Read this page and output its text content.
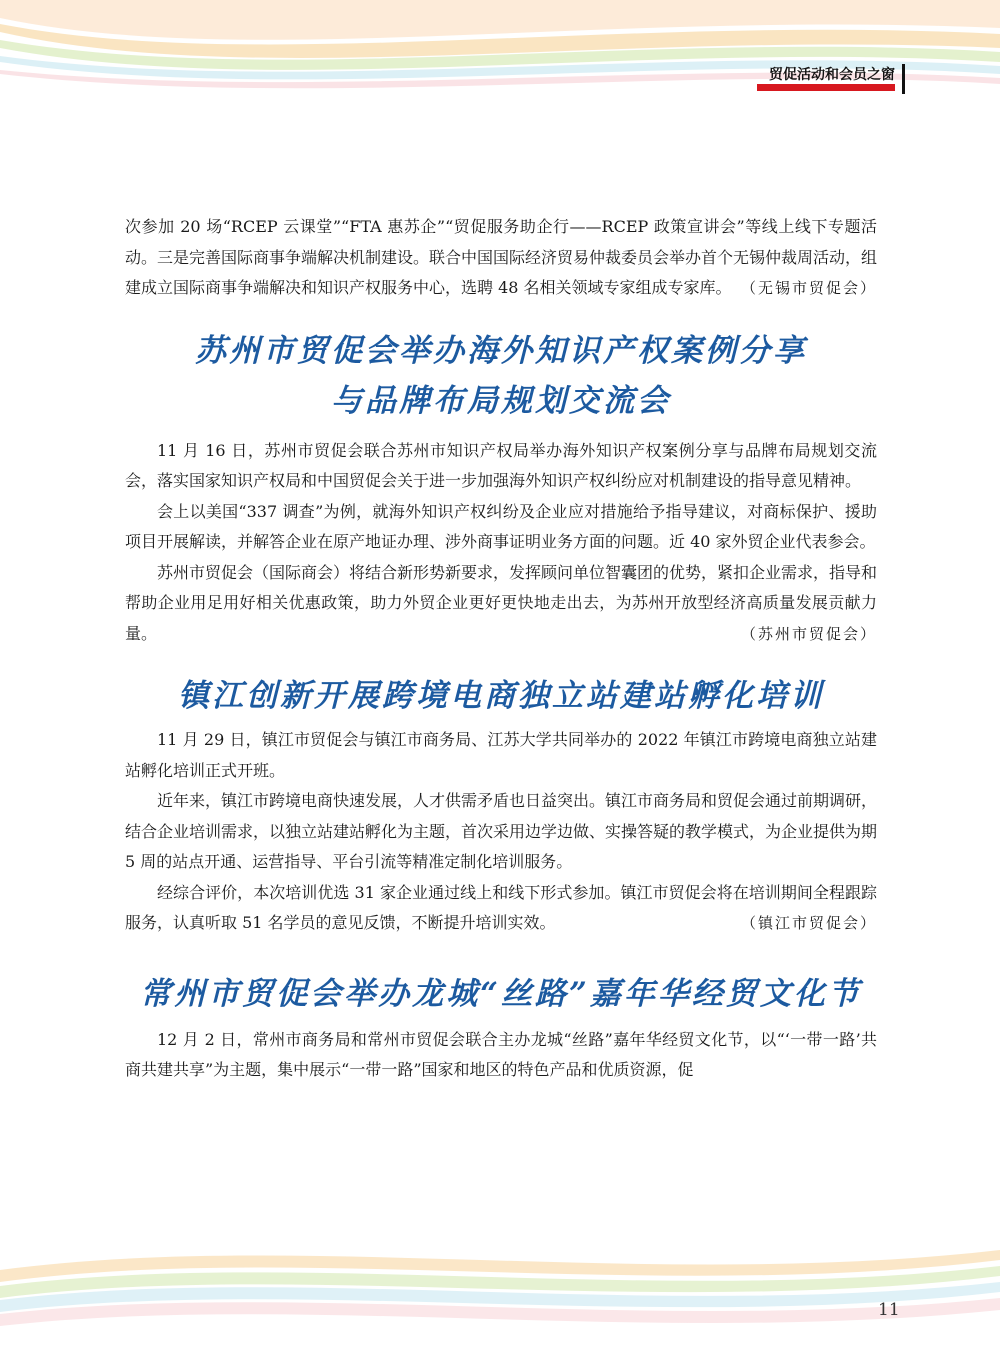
贸促活动和会员之窗

次参加 20 场“RCEP 云课堂”“FTA 惠苏企”“贸促服务助企行——RCEP 政策宣讲会”等线上线下专题活动。三是完善国际商事争端解决机制建设。联合中国国际经济贸易仲裁委员会举办首个无锡仲裁周活动，组建成立国际商事争端解决和知识产权服务中心，选聘 48 名相关领域专家组成专家库。 （无锡市贸促会）

苏州市贸促会举办海外知识产权案例分享
与品牌布局规划交流会

11 月 16 日，苏州市贸促会联合苏州市知识产权局举办海外知识产权案例分享与品牌布局规划交流会，落实国家知识产权局和中国贸促会关于进一步加强海外知识产权纠纷应对机制建设的指导意见精神。

会上以美国“337 调查”为例，就海外知识产权纠纷及企业应对措施给予指导建议，对商标保护、援助项目开展解读，并解答企业在原产地证办理、涉外商事证明业务方面的问题。近 40 家外贸企业代表参会。

苏州市贸促会（国际商会）将结合新形势新要求，发挥顾问单位智囊团的优势，紧扣企业需求，指导和帮助企业用足用好相关优惠政策，助力外贸企业更好更快地走出去，为苏州开放型经济高质量发展贡献力量。	（苏州市贸促会）

镇江创新开展跨境电商独立站建站孵化培训

11 月 29 日，镇江市贸促会与镇江市商务局、江苏大学共同举办的 2022 年镇江市跨境电商独立站建站孵化培训正式开班。

近年来，镇江市跨境电商快速发展，人才供需矛盾也日益突出。镇江市商务局和贸促会通过前期调研，结合企业培训需求，以独立站建站孵化为主题，首次采用边学边做、实操答疑的教学模式，为企业提供为期 5 周的站点开通、运营指导、平台引流等精准定制化培训服务。

经综合评价，本次培训优选 31 家企业通过线上和线下形式参加。镇江市贸促会将在培训期间全程跟踪服务，认真听取 51 名学员的意见反馈，不断提升培训实效。	（镇江市贸促会）

常州市贸促会举办龙城“丝路”嘉年华经贸文化节

12 月 2 日，常州市商务局和常州市贸促会联合主办龙城“丝路”嘉年华经贸文化节，以“‘一带一路’共商共建共享”为主题，集中展示“一带一路”国家和地区的特色产品和优质资源，促

11
